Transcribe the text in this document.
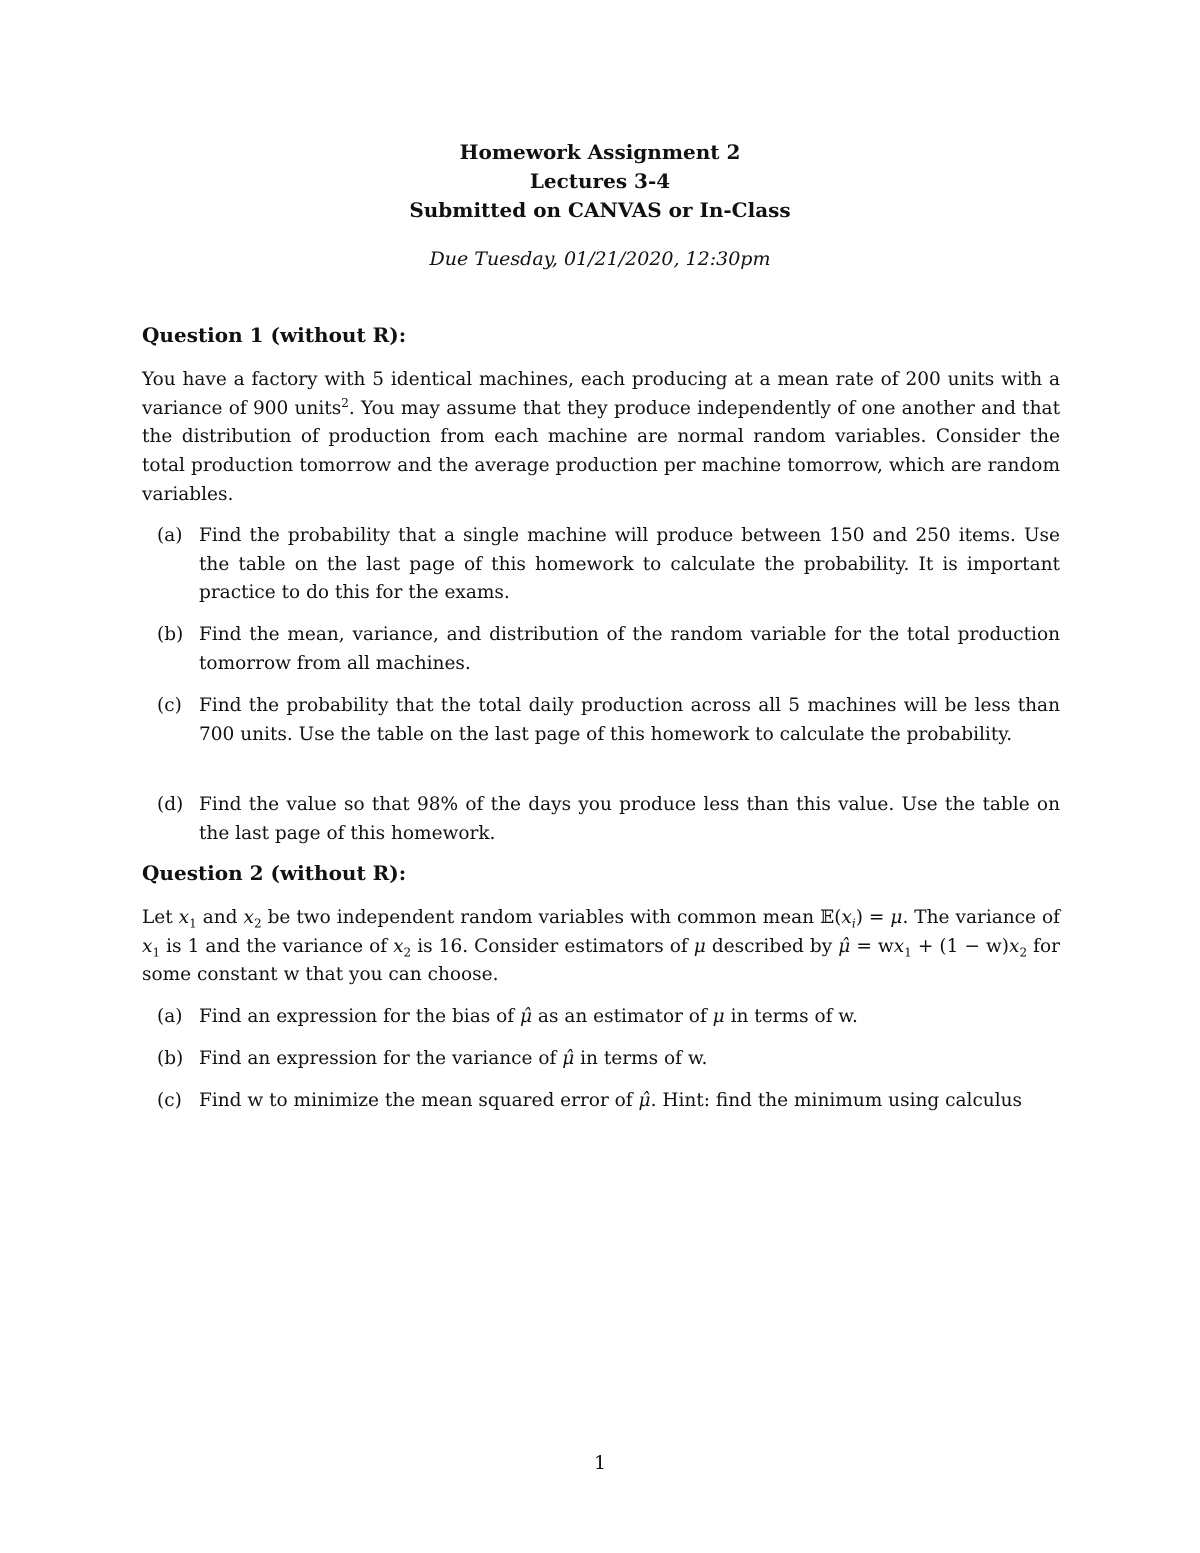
Homework Assignment 2
Lectures 3-4
Submitted on CANVAS or In-Class
Due Tuesday, 01/21/2020, 12:30pm
Question 1 (without R):
You have a factory with 5 identical machines, each producing at a mean rate of 200 units with a variance of 900 units$^2$. You may assume that they produce independently of one another and that the distribution of production from each machine are normal random variables. Consider the total production tomorrow and the average production per machine tomorrow, which are random variables.
(a) Find the probability that a single machine will produce between 150 and 250 items. Use the table on the last page of this homework to calculate the probability. It is important practice to do this for the exams.
(b) Find the mean, variance, and distribution of the random variable for the total production tomorrow from all machines.
(c) Find the probability that the total daily production across all 5 machines will be less than 700 units. Use the table on the last page of this homework to calculate the probability.
(d) Find the value so that 98% of the days you produce less than this value. Use the table on the last page of this homework.
Question 2 (without R):
Let $x_1$ and $x_2$ be two independent random variables with common mean $𝔼(x_i) = \mu$. The variance of $x_1$ is 1 and the variance of $x_2$ is 16. Consider estimators of μ described by μ̂ = $wx_1 + (1 - w)x_2$ for some constant w that you can choose.
(a) Find an expression for the bias of μ̂ as an estimator of μ in terms of w.
(b) Find an expression for the variance of μ̂ in terms of w.
(c) Find w to minimize the mean squared error of μ̂. Hint: find the minimum using calculus
1
